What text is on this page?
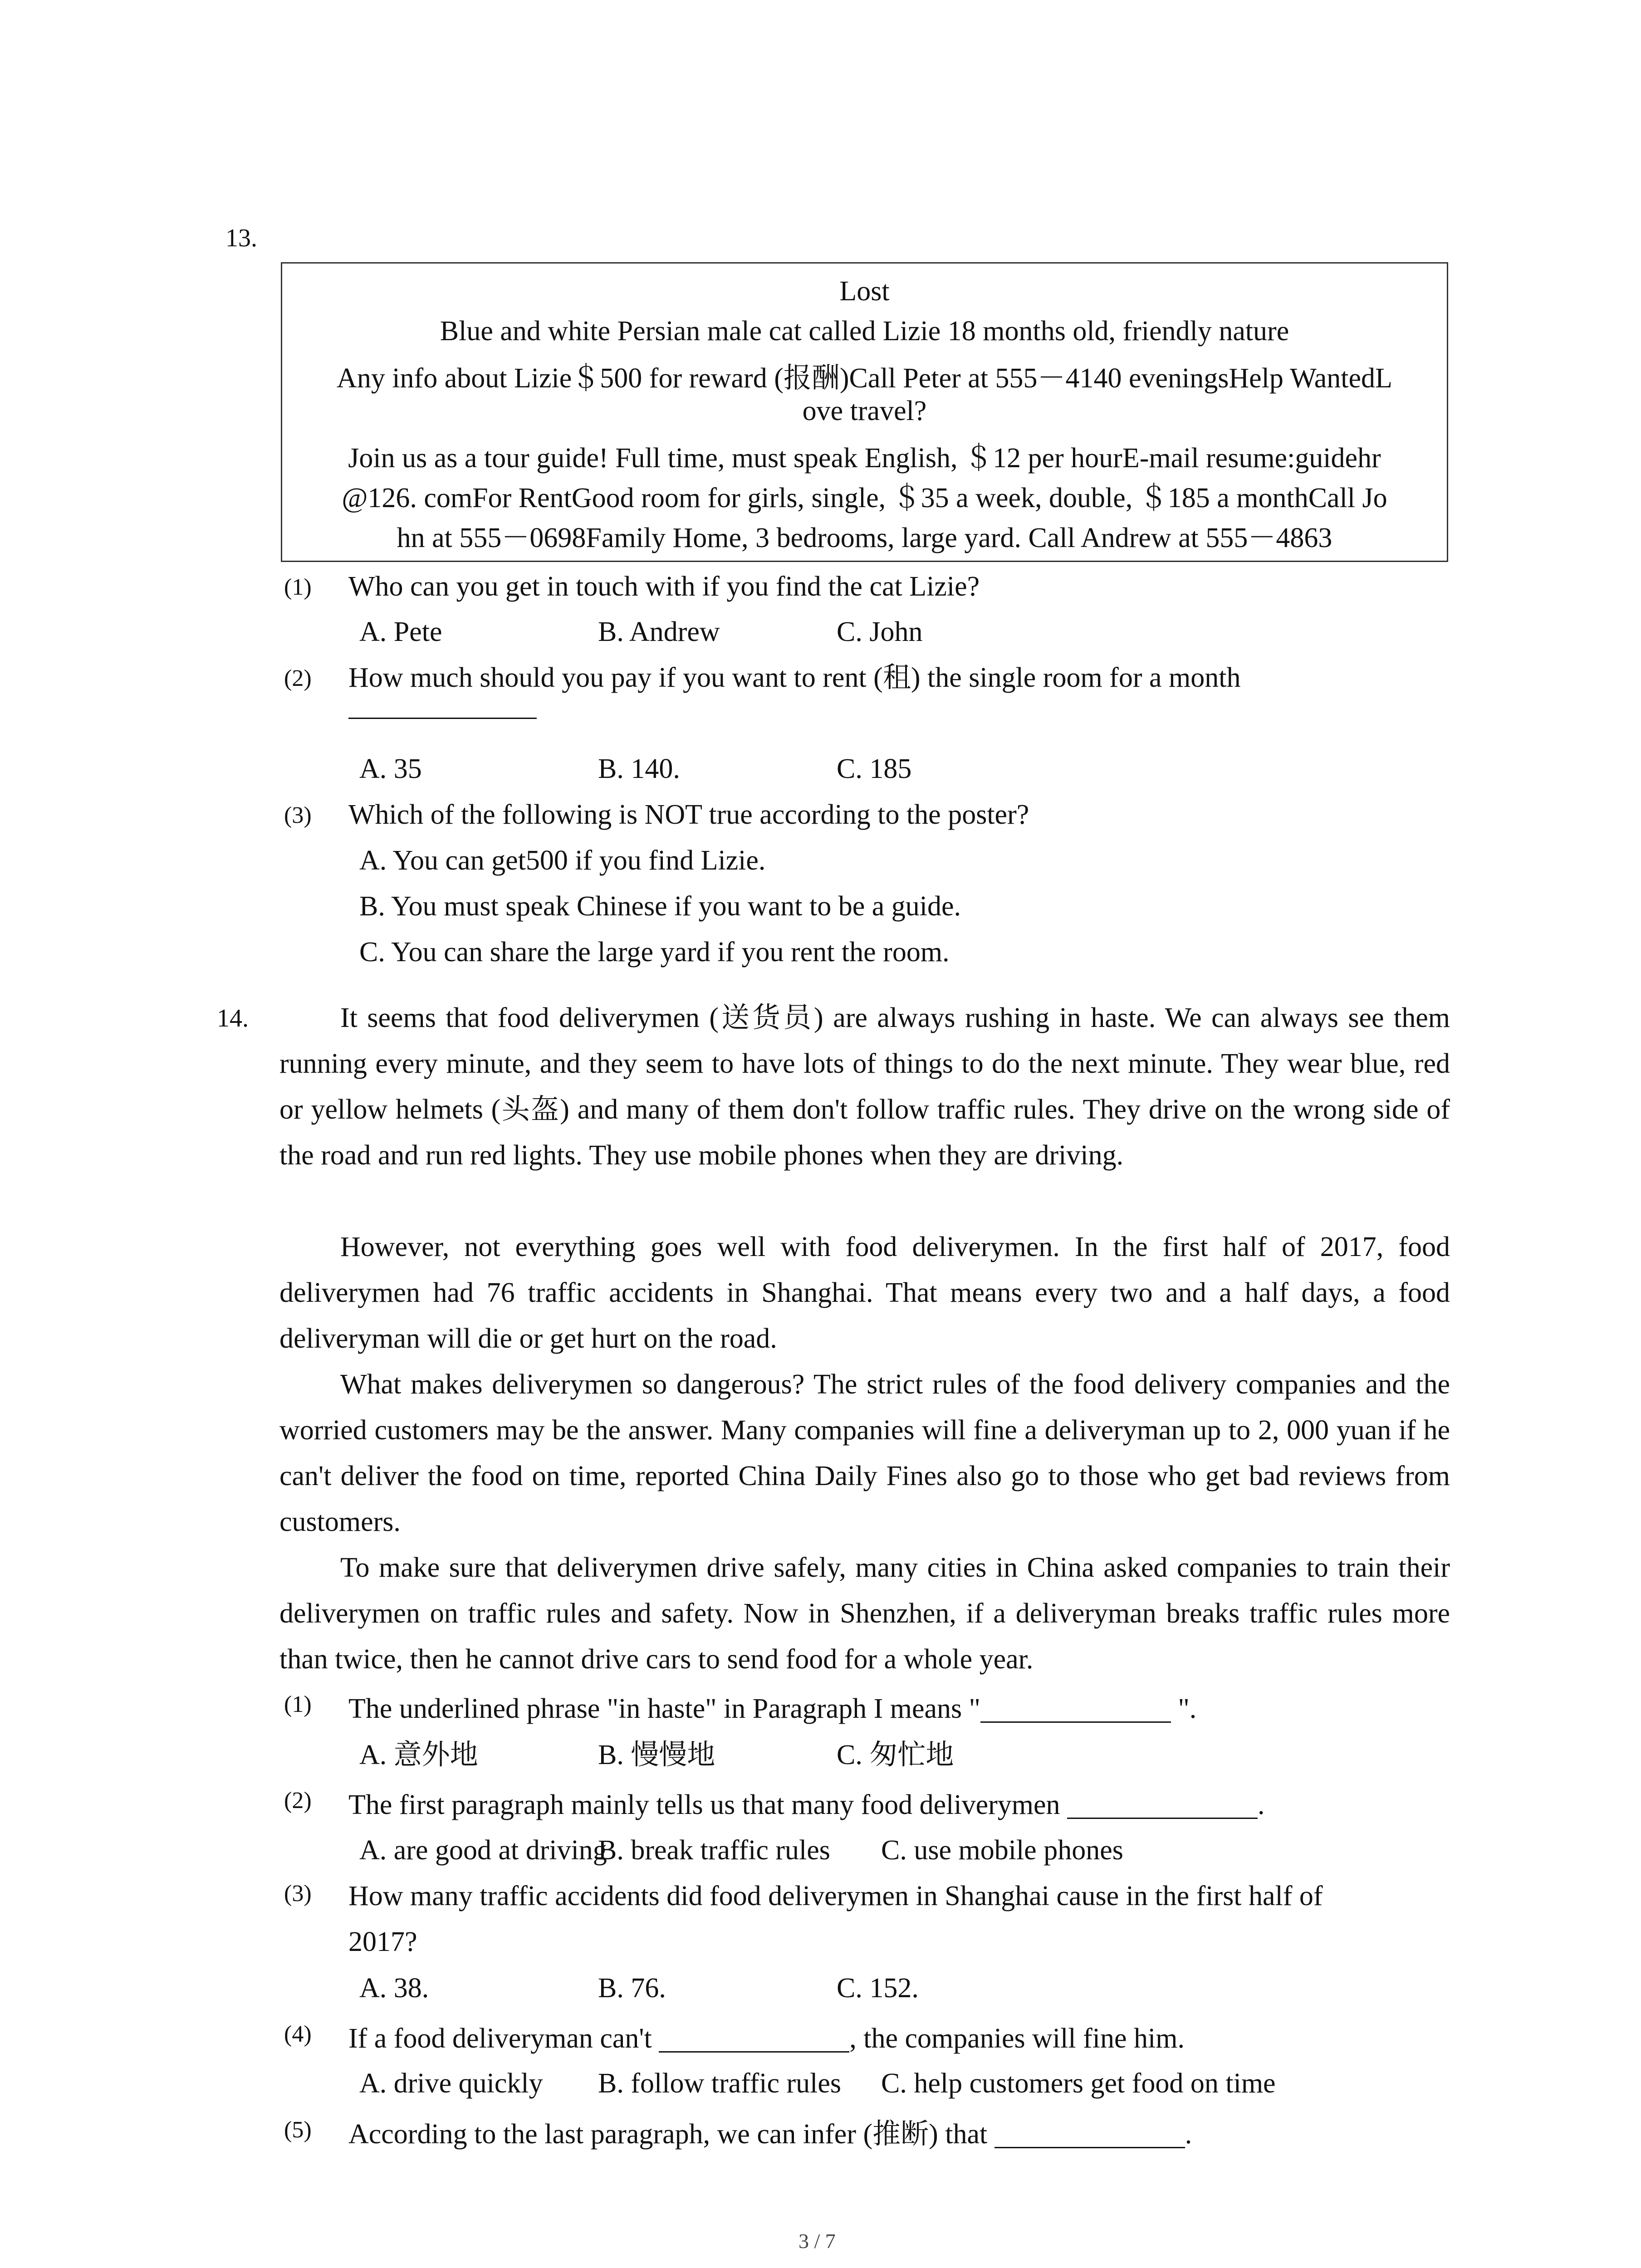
13.
Lost
Blue and white Persian male cat called Lizie 18 months old, friendly nature
Any info about Lizie＄500 for reward (报酬)Call Peter at 555－4140 eveningsHelp WantedL
ove travel?
Join us as a tour guide! Full time, must speak English, ＄12 per hourE-mail resume:guidehr
@126. comFor RentGood room for girls, single, ＄35 a week, double, ＄185 a monthCall Jo
hn at 555－0698Family Home, 3 bedrooms, large yard. Call Andrew at 555－4863
(1) Who can you get in touch with if you find the cat Lizie?
A. Pete	B. Andrew	C. John
(2) How much should you pay if you want to rent (租) the single room for a month
A. 35	B. 140.	C. 185
(3) Which of the following is NOT true according to the poster?
A. You can get500 if you find Lizie.
B. You must speak Chinese if you want to be a guide.
C. You can share the large yard if you rent the room.
14.	It seems that food deliverymen (送货员) are always rushing in haste. We can always see them running every minute, and they seem to have lots of things to do the next minute. They wear blue, red or yellow helmets (头盔) and many of them don't follow traffic rules. They drive on the wrong side of the road and run red lights. They use mobile phones when they are driving.
However, not everything goes well with food deliverymen. In the first half of 2017, food deliverymen had 76 traffic accidents in Shanghai. That means every two and a half days, a food deliveryman will die or get hurt on the road.
What makes deliverymen so dangerous? The strict rules of the food delivery companies and the worried customers may be the answer. Many companies will fine a deliveryman up to 2, 000 yuan if he can't deliver the food on time, reported China Daily Fines also go to those who get bad reviews from customers.
To make sure that deliverymen drive safely, many cities in China asked companies to train their deliverymen on traffic rules and safety. Now in Shenzhen, if a deliveryman breaks traffic rules more than twice, then he cannot drive cars to send food for a whole year.
(1) The underlined phrase "in haste" in Paragraph I means "	".
A. 意外地	B. 慢慢地	C. 匆忙地
(2) The first paragraph mainly tells us that many food deliverymen	.
A. are good at driving
B. break traffic rules C. use mobile phones
(3) How many traffic accidents did food deliverymen in Shanghai cause in the first half of
2017?
A. 38.	B. 76.	C. 152.
(4) If a food deliveryman can't	, the companies will fine him.
A. drive quickly B. follow traffic rules C. help customers get food on time
(5) According to the last paragraph, we can infer (推断) that	.
3 / 7
